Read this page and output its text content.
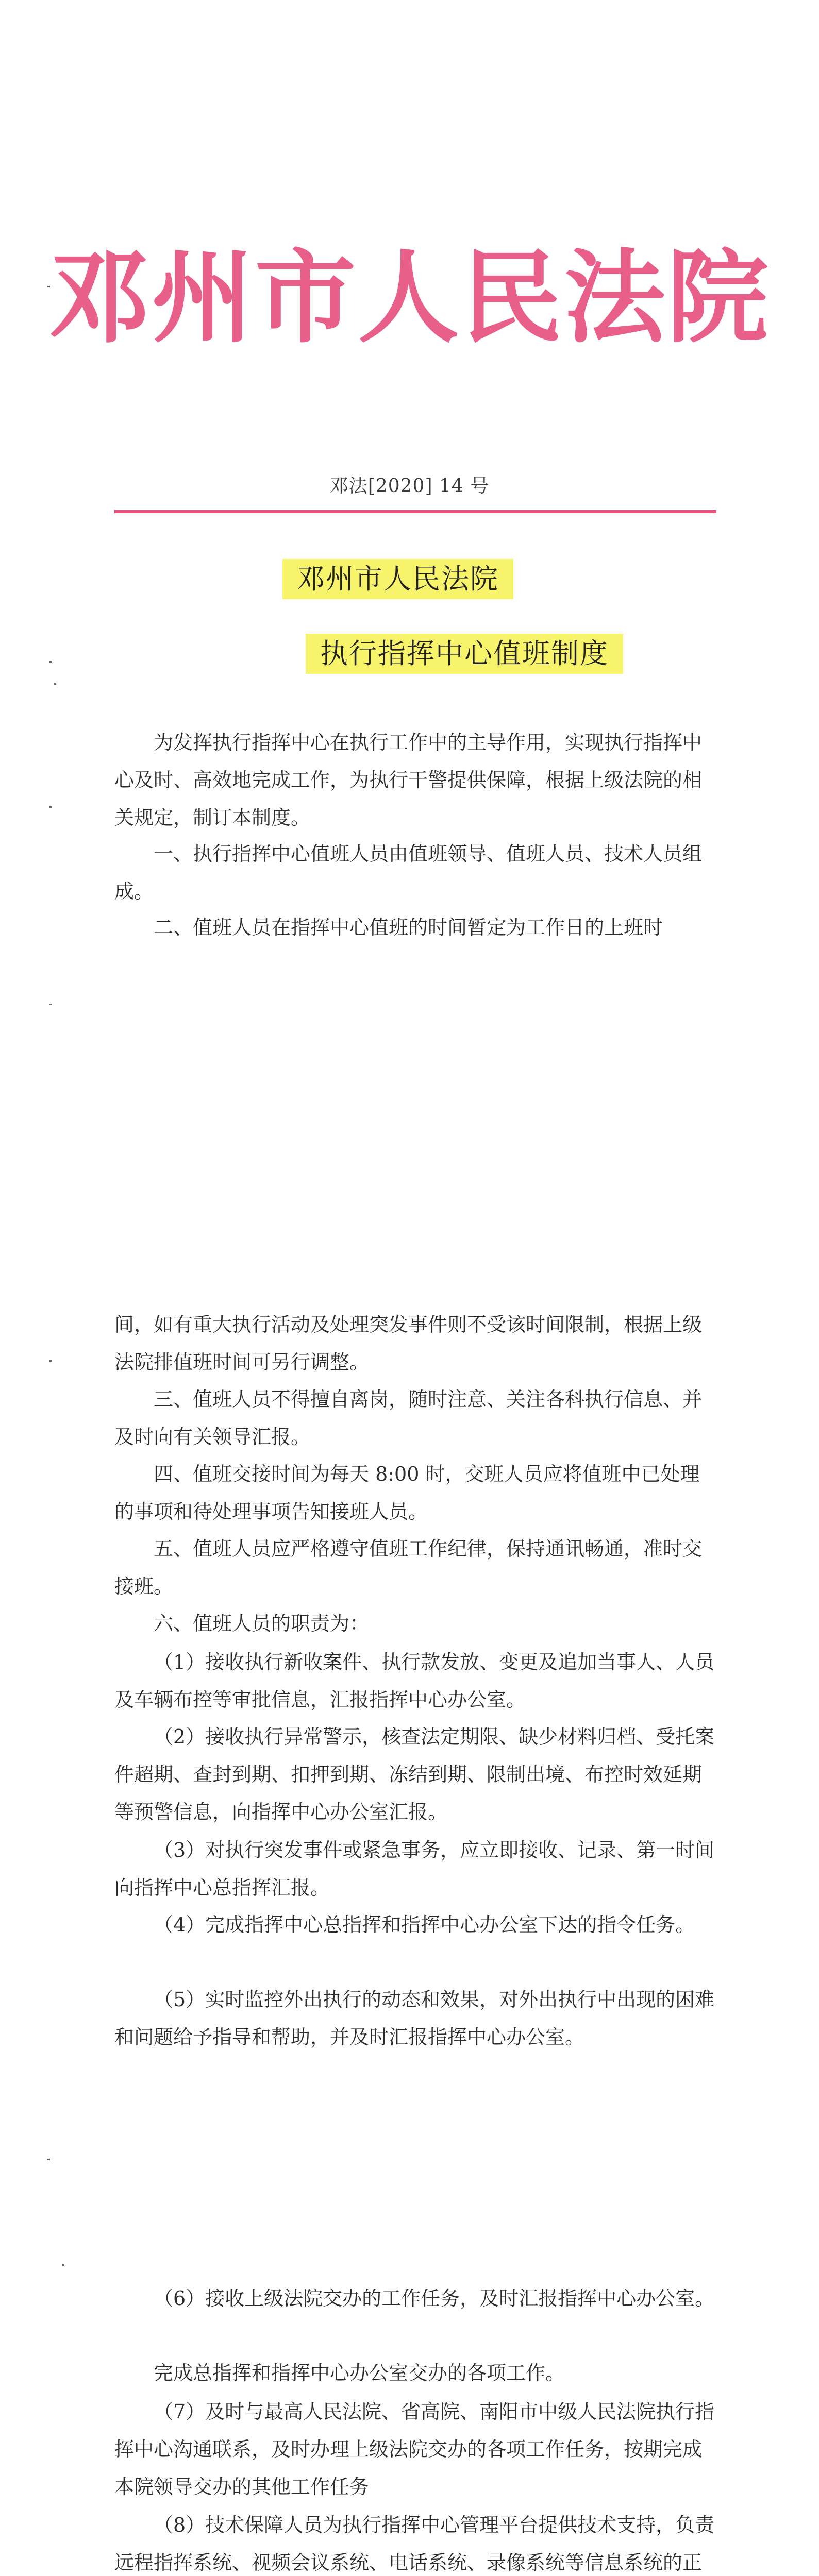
邓州市人民法院
邓法[2020] 14 号
邓州市人民法院
执行指挥中心值班制度

为发挥执行指挥中心在执行工作中的主导作用，实现执行指挥中心及时、高效地完成工作，为执行干警提供保障，根据上级法院的相关规定，制订本制度。

一、执行指挥中心值班人员由值班领导、值班人员、技术人员组成。

二、值班人员在指挥中心值班的时间暂定为工作日的上班时

间，如有重大执行活动及处理突发事件则不受该时间限制，根据上级法院排值班时间可另行调整。

三、值班人员不得擅自离岗，随时注意、关注各科执行信息、并及时向有关领导汇报。

四、值班交接时间为每天 8:00 时，交班人员应将值班中已处理的事项和待处理事项告知接班人员。

五、值班人员应严格遵守值班工作纪律，保持通讯畅通，准时交接班。

六、值班人员的职责为：

（1）接收执行新收案件、执行款发放、变更及追加当事人、人员及车辆布控等审批信息，汇报指挥中心办公室。

（2）接收执行异常警示，核查法定期限、缺少材料归档、受托案件超期、查封到期、扣押到期、冻结到期、限制出境、布控时效延期等预警信息，向指挥中心办公室汇报。

（3）对执行突发事件或紧急事务，应立即接收、记录、第一时间向指挥中心总指挥汇报。

（4）完成指挥中心总指挥和指挥中心办公室下达的指令任务。

（5）实时监控外出执行的动态和效果，对外出执行中出现的困难和问题给予指导和帮助，并及时汇报指挥中心办公室。

（6）接收上级法院交办的工作任务，及时汇报指挥中心办公室。

完成总指挥和指挥中心办公室交办的各项工作。

（7）及时与最高人民法院、省高院、南阳市中级人民法院执行指挥中心沟通联系，及时办理上级法院交办的各项工作任务，按期完成本院领导交办的其他工作任务

（8）技术保障人员为执行指挥中心管理平台提供技术支持，负责远程指挥系统、视频会议系统、电话系统、录像系统等信息系统的正
